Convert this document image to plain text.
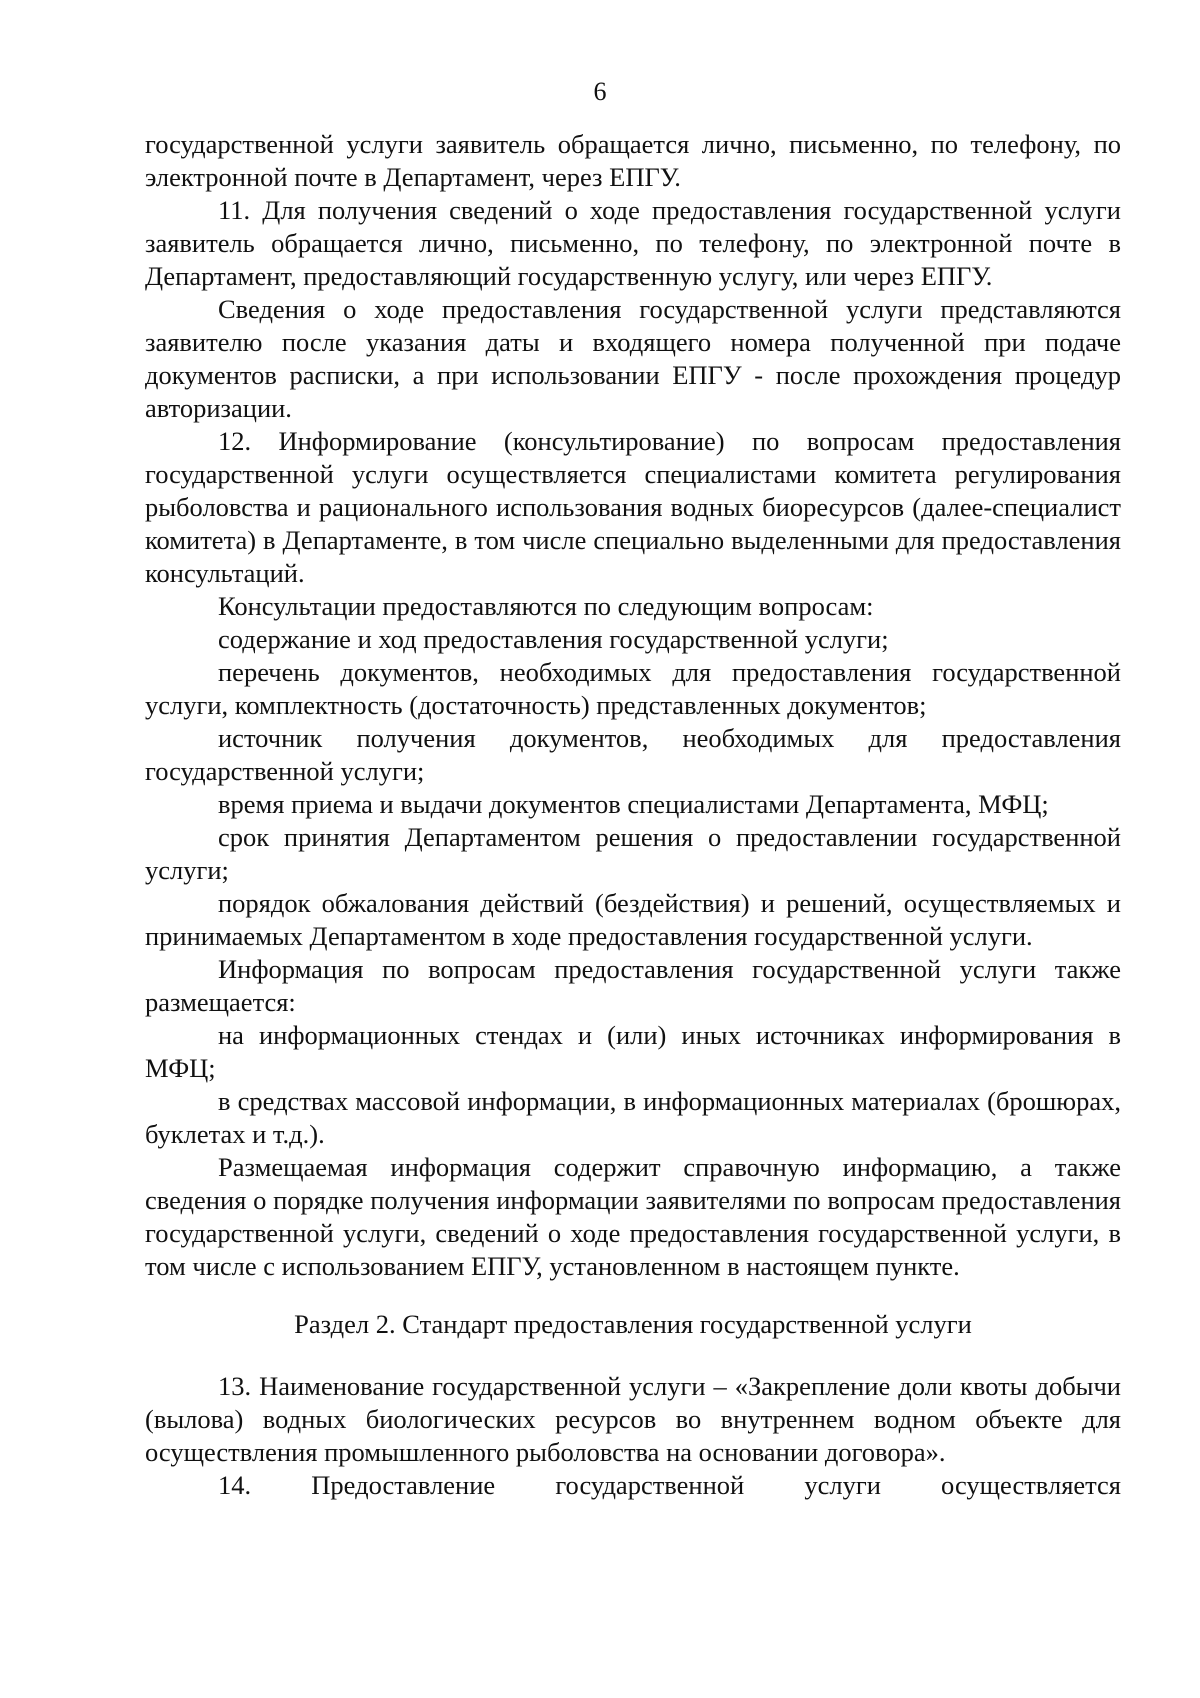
6

государственной услуги заявитель обращается лично, письменно, по телефону, по электронной почте в Департамент, через ЕПГУ.

11. Для получения сведений о ходе предоставления государственной услуги заявитель обращается лично, письменно, по телефону, по электронной почте в Департамент, предоставляющий государственную услугу, или через ЕПГУ.

Сведения о ходе предоставления государственной услуги представляются заявителю после указания даты и входящего номера полученной при подаче документов расписки, а при использовании ЕПГУ - после прохождения процедур авторизации.

12. Информирование (консультирование) по вопросам предоставления государственной услуги осуществляется специалистами комитета регулирования рыболовства и рационального использования водных биоресурсов (далее-специалист комитета) в Департаменте, в том числе специально выделенными для предоставления консультаций.

Консультации предоставляются по следующим вопросам:

содержание и ход предоставления государственной услуги;

перечень документов, необходимых для предоставления государственной услуги, комплектность (достаточность) представленных документов;

источник получения документов, необходимых для предоставления государственной услуги;

время приема и выдачи документов специалистами Департамента, МФЦ;

срок принятия Департаментом решения о предоставлении государственной услуги;

порядок обжалования действий (бездействия) и решений, осуществляемых и принимаемых Департаментом в ходе предоставления государственной услуги.

Информация по вопросам предоставления государственной услуги также размещается:

на информационных стендах и (или) иных источниках информирования в МФЦ;

в средствах массовой информации, в информационных материалах (брошюрах, буклетах и т.д.).

Размещаемая информация содержит справочную информацию, а также сведения о порядке получения информации заявителями по вопросам предоставления государственной услуги, сведений о ходе предоставления государственной услуги, в том числе с использованием ЕПГУ, установленном в настоящем пункте.

Раздел 2. Стандарт предоставления государственной услуги

13. Наименование государственной услуги – «Закрепление доли квоты добычи (вылова) водных биологических ресурсов во внутреннем водном объекте для осуществления промышленного рыболовства на основании договора».

14. Предоставление государственной услуги осуществляется
